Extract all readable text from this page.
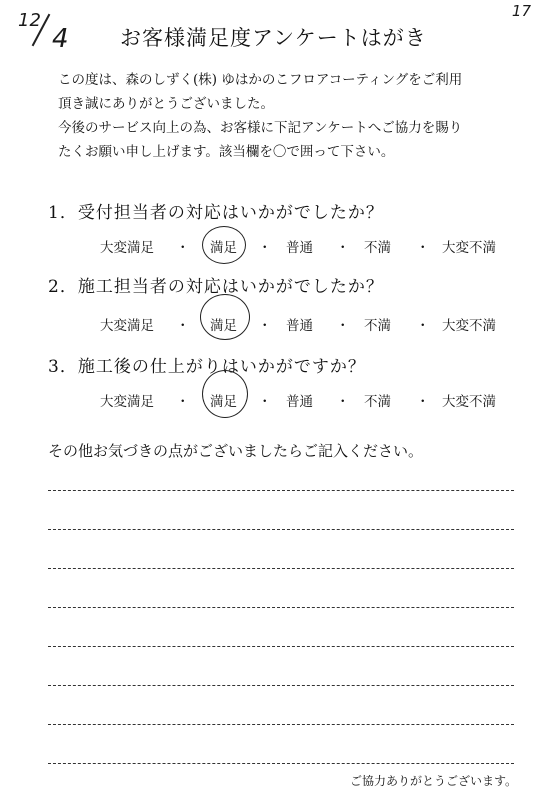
12
4
17
お客様満足度アンケートはがき
この度は、森のしずく(株) ゆはかのこフロアコーティングをご利用
頂き誠にありがとうございました。
今後のサービス向上の為、お客様に下記アンケートへご協力を賜り
たくお願い申し上げます。該当欄を〇で囲って下さい。
1．受付担当者の対応はいかがでしたか？
大変満足 ・ 満足 ・ 普通 ・ 不満 ・ 大変不満
2．施工担当者の対応はいかがでしたか？
大変満足 ・ 満足 ・ 普通 ・ 不満 ・ 大変不満
3．施工後の仕上がりはいかがですか？
大変満足 ・ 満足 ・ 普通 ・ 不満 ・ 大変不満
その他お気づきの点がございましたらご記入ください。
ご協力ありがとうございます。
